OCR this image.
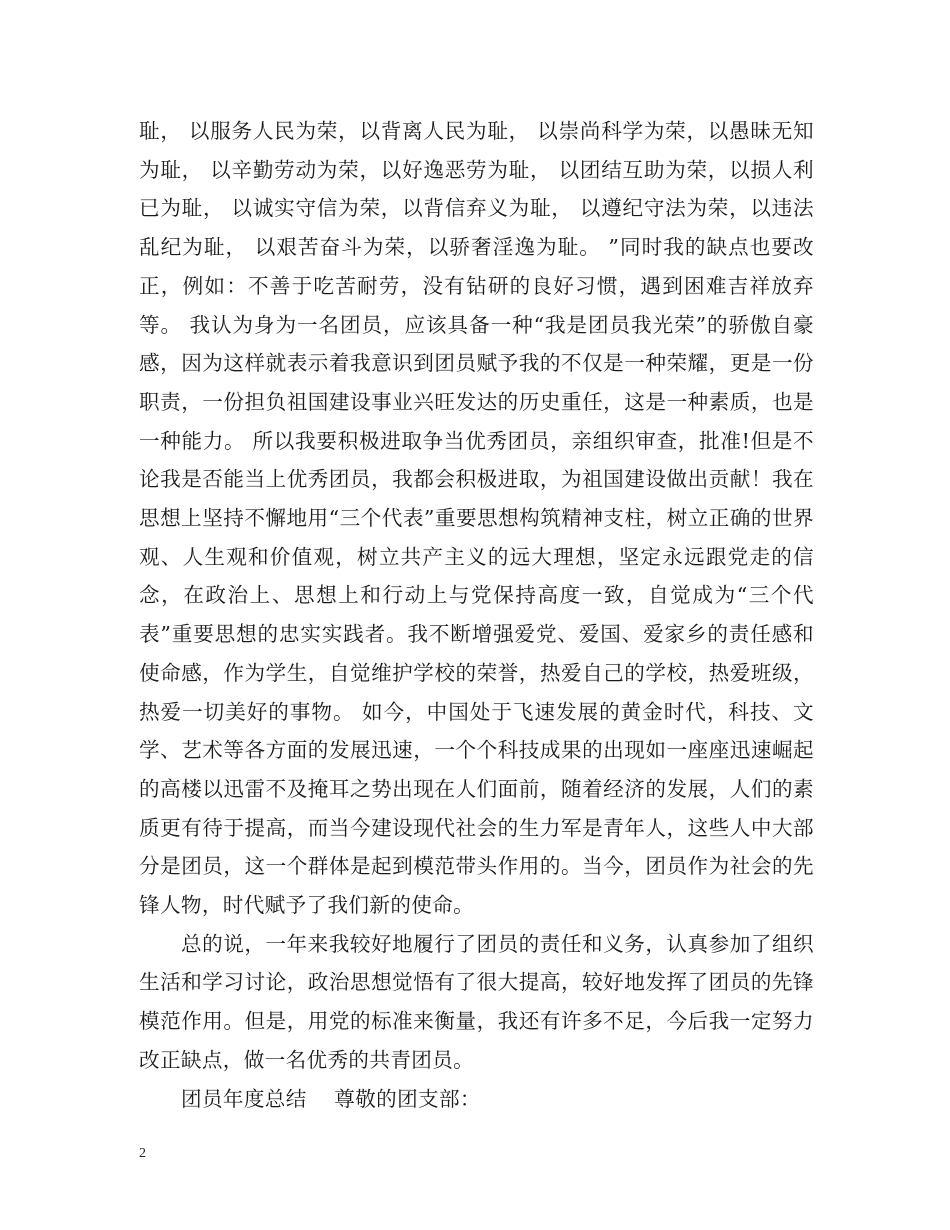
耻， 以服务人民为荣，以背离人民为耻， 以崇尚科学为荣，以愚昧无知为耻， 以辛勤劳动为荣，以好逸恶劳为耻， 以团结互助为荣，以损人利已为耻， 以诚实守信为荣，以背信弃义为耻， 以遵纪守法为荣，以违法乱纪为耻， 以艰苦奋斗为荣，以骄奢淫逸为耻。 ”同时我的缺点也要改正，例如：不善于吃苦耐劳，没有钻研的良好习惯，遇到困难吉祥放弃等。 我认为身为一名团员，应该具备一种“我是团员我光荣”的骄傲自豪感，因为这样就表示着我意识到团员赋予我的不仅是一种荣耀，更是一份职责，一份担负祖国建设事业兴旺发达的历史重任，这是一种素质，也是一种能力。 所以我要积极进取争当优秀团员，亲组织审查，批准!但是不论我是否能当上优秀团员，我都会积极进取，为祖国建设做出贡献！我在思想上坚持不懈地用“三个代表”重要思想构筑精神支柱，树立正确的世界观、人生观和价值观，树立共产主义的远大理想，坚定永远跟党走的信念，在政治上、思想上和行动上与党保持高度一致，自觉成为“三个代表”重要思想的忠实实践者。我不断增强爱党、爱国、爱家乡的责任感和使命感，作为学生，自觉维护学校的荣誉，热爱自己的学校，热爱班级，热爱一切美好的事物。 如今，中国处于飞速发展的黄金时代，科技、文学、艺术等各方面的发展迅速，一个个科技成果的出现如一座座迅速崛起的高楼以迅雷不及掩耳之势出现在人们面前，随着经济的发展，人们的素质更有待于提高，而当今建设现代社会的生力军是青年人，这些人中大部分是团员，这一个群体是起到模范带头作用的。当今，团员作为社会的先锋人物，时代赋予了我们新的使命。

总的说，一年来我较好地履行了团员的责任和义务，认真参加了组织生活和学习讨论，政治思想觉悟有了很大提高，较好地发挥了团员的先锋模范作用。但是，用党的标准来衡量，我还有许多不足，今后我一定努力改正缺点，做一名优秀的共青团员。

团员年度总结    尊敬的团支部：

2
